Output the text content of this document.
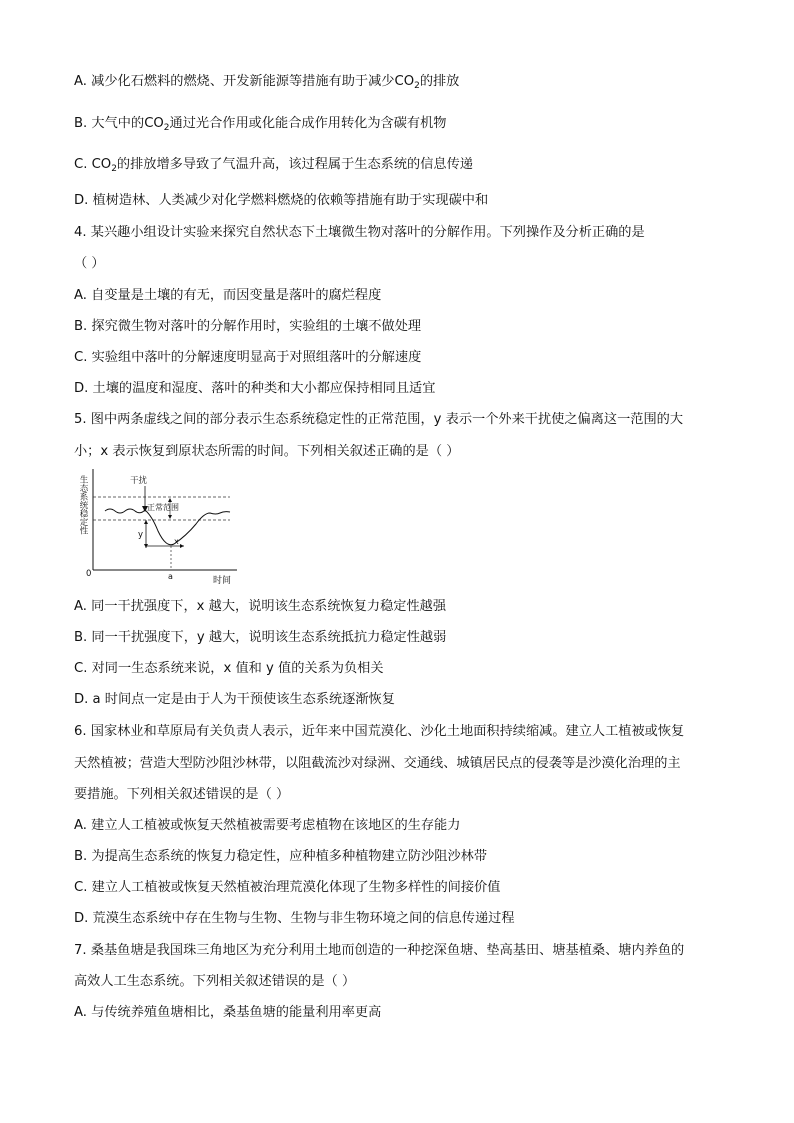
A. 减少化石燃料的燃烧、开发新能源等措施有助于减少$CO_2$的排放
B. 大气中的$CO_2$通过光合作用或化能合成作用转化为含碳有机物
C. $CO_2$的排放增多导致了气温升高，该过程属于生态系统的信息传递
D. 植树造林、人类减少对化学燃料燃烧的依赖等措施有助于实现碳中和
4. 某兴趣小组设计实验来探究自然状态下土壤微生物对落叶的分解作用。下列操作及分析正确的是
（ ）
A. 自变量是土壤的有无，而因变量是落叶的腐烂程度
B. 探究微生物对落叶的分解作用时，实验组的土壤不做处理
C. 实验组中落叶的分解速度明显高于对照组落叶的分解速度
D. 土壤的温度和湿度、落叶的种类和大小都应保持相同且适宜
5. 图中两条虚线之间的部分表示生态系统稳定性的正常范围，y 表示一个外来干扰使之偏离这一范围的大
小；x 表示恢复到原状态所需的时间。下列相关叙述正确的是（ ）
生态系统稳定性
0
干扰
正常范围
y
x
a	时间
A. 同一干扰强度下，x 越大，说明该生态系统恢复力稳定性越强
B. 同一干扰强度下，y 越大，说明该生态系统抵抗力稳定性越弱
C. 对同一生态系统来说，x 值和 y 值的关系为负相关
D. a 时间点一定是由于人为干预使该生态系统逐渐恢复
6. 国家林业和草原局有关负责人表示，近年来中国荒漠化、沙化土地面积持续缩减。建立人工植被或恢复
天然植被；营造大型防沙阻沙林带，以阻截流沙对绿洲、交通线、城镇居民点的侵袭等是沙漠化治理的主
要措施。下列相关叙述错误的是（ ）
A. 建立人工植被或恢复天然植被需要考虑植物在该地区的生存能力
B. 为提高生态系统的恢复力稳定性，应种植多种植物建立防沙阻沙林带
C. 建立人工植被或恢复天然植被治理荒漠化体现了生物多样性的间接价值
D. 荒漠生态系统中存在生物与生物、生物与非生物环境之间的信息传递过程
7. 桑基鱼塘是我国珠三角地区为充分利用土地而创造的一种挖深鱼塘、垫高基田、塘基植桑、塘内养鱼的
高效人工生态系统。下列相关叙述错误的是（ ）
A. 与传统养殖鱼塘相比，桑基鱼塘的能量利用率更高
